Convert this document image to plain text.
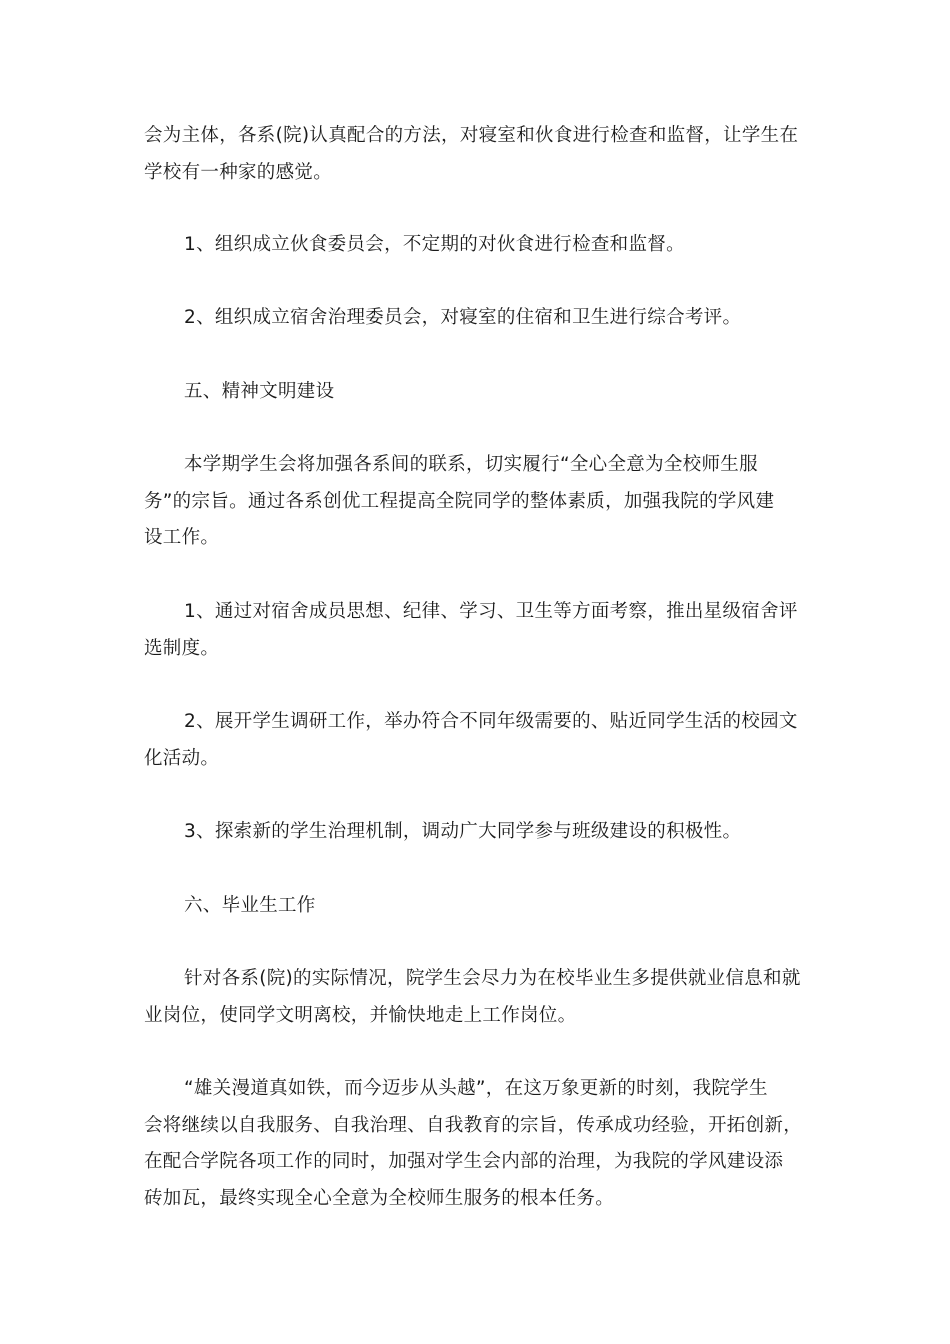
会为主体，各系(院)认真配合的方法，对寝室和伙食进行检查和监督，让学生在
学校有一种家的感觉。

1、组织成立伙食委员会，不定期的对伙食进行检查和监督。

2、组织成立宿舍治理委员会，对寝室的住宿和卫生进行综合考评。

五、精神文明建设

本学期学生会将加强各系间的联系，切实履行“全心全意为全校师生服
务”的宗旨。通过各系创优工程提高全院同学的整体素质，加强我院的学风建
设工作。

1、通过对宿舍成员思想、纪律、学习、卫生等方面考察，推出星级宿舍评
选制度。

2、展开学生调研工作，举办符合不同年级需要的、贴近同学生活的校园文
化活动。

3、探索新的学生治理机制，调动广大同学参与班级建设的积极性。

六、毕业生工作

针对各系(院)的实际情况，院学生会尽力为在校毕业生多提供就业信息和就
业岗位，使同学文明离校，并愉快地走上工作岗位。

“雄关漫道真如铁，而今迈步从头越”，在这万象更新的时刻，我院学生
会将继续以自我服务、自我治理、自我教育的宗旨，传承成功经验，开拓创新，
在配合学院各项工作的同时，加强对学生会内部的治理，为我院的学风建设添
砖加瓦，最终实现全心全意为全校师生服务的根本任务。
